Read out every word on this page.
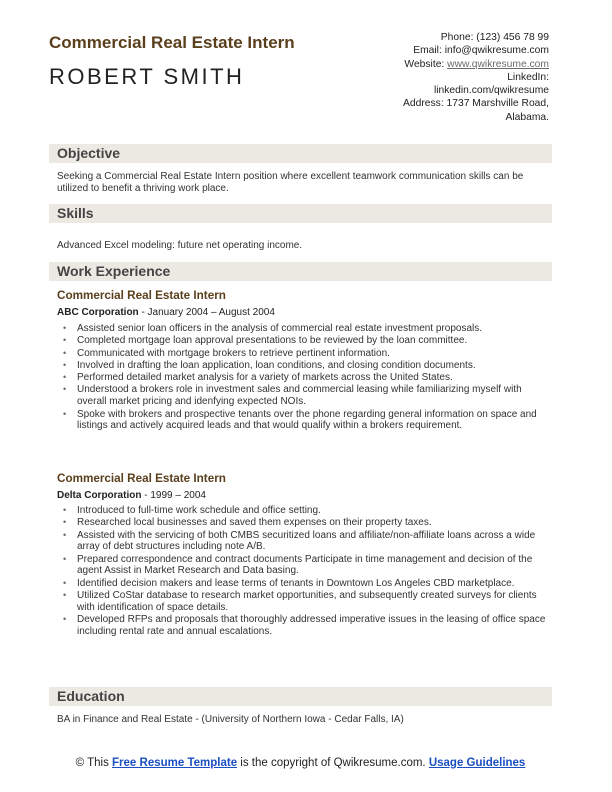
Commercial Real Estate Intern
ROBERT SMITH
Phone: (123) 456 78 99
Email: info@qwikresume.com
Website: www.qwikresume.com
LinkedIn:
linkedin.com/qwikresume
Address: 1737 Marshville Road,
Alabama.
Objective
Seeking a Commercial Real Estate Intern position where excellent teamwork communication skills can be utilized to benefit a thriving work place.
Skills
Advanced Excel modeling: future net operating income.
Work Experience
Commercial Real Estate Intern
ABC Corporation - January 2004 – August 2004
• Assisted senior loan officers in the analysis of commercial real estate investment proposals.
• Completed mortgage loan approval presentations to be reviewed by the loan committee.
• Communicated with mortgage brokers to retrieve pertinent information.
• Involved in drafting the loan application, loan conditions, and closing condition documents.
• Performed detailed market analysis for a variety of markets across the United States.
• Understood a brokers role in investment sales and commercial leasing while familiarizing myself with overall market pricing and idenfying expected NOIs.
• Spoke with brokers and prospective tenants over the phone regarding general information on space and listings and actively acquired leads and that would qualify within a brokers requirement.
Commercial Real Estate Intern
Delta Corporation - 1999 – 2004
• Introduced to full-time work schedule and office setting.
• Researched local businesses and saved them expenses on their property taxes.
• Assisted with the servicing of both CMBS securitized loans and affiliate/non-affiliate loans across a wide array of debt structures including note A/B.
• Prepared correspondence and contract documents Participate in time management and decision of the agent Assist in Market Research and Data basing.
• Identified decision makers and lease terms of tenants in Downtown Los Angeles CBD marketplace.
• Utilized CoStar database to research market opportunities, and subsequently created surveys for clients with identification of space details.
• Developed RFPs and proposals that thoroughly addressed imperative issues in the leasing of office space including rental rate and annual escalations.
Education
BA in Finance and Real Estate - (University of Northern Iowa - Cedar Falls, IA)
© This Free Resume Template is the copyright of Qwikresume.com. Usage Guidelines
